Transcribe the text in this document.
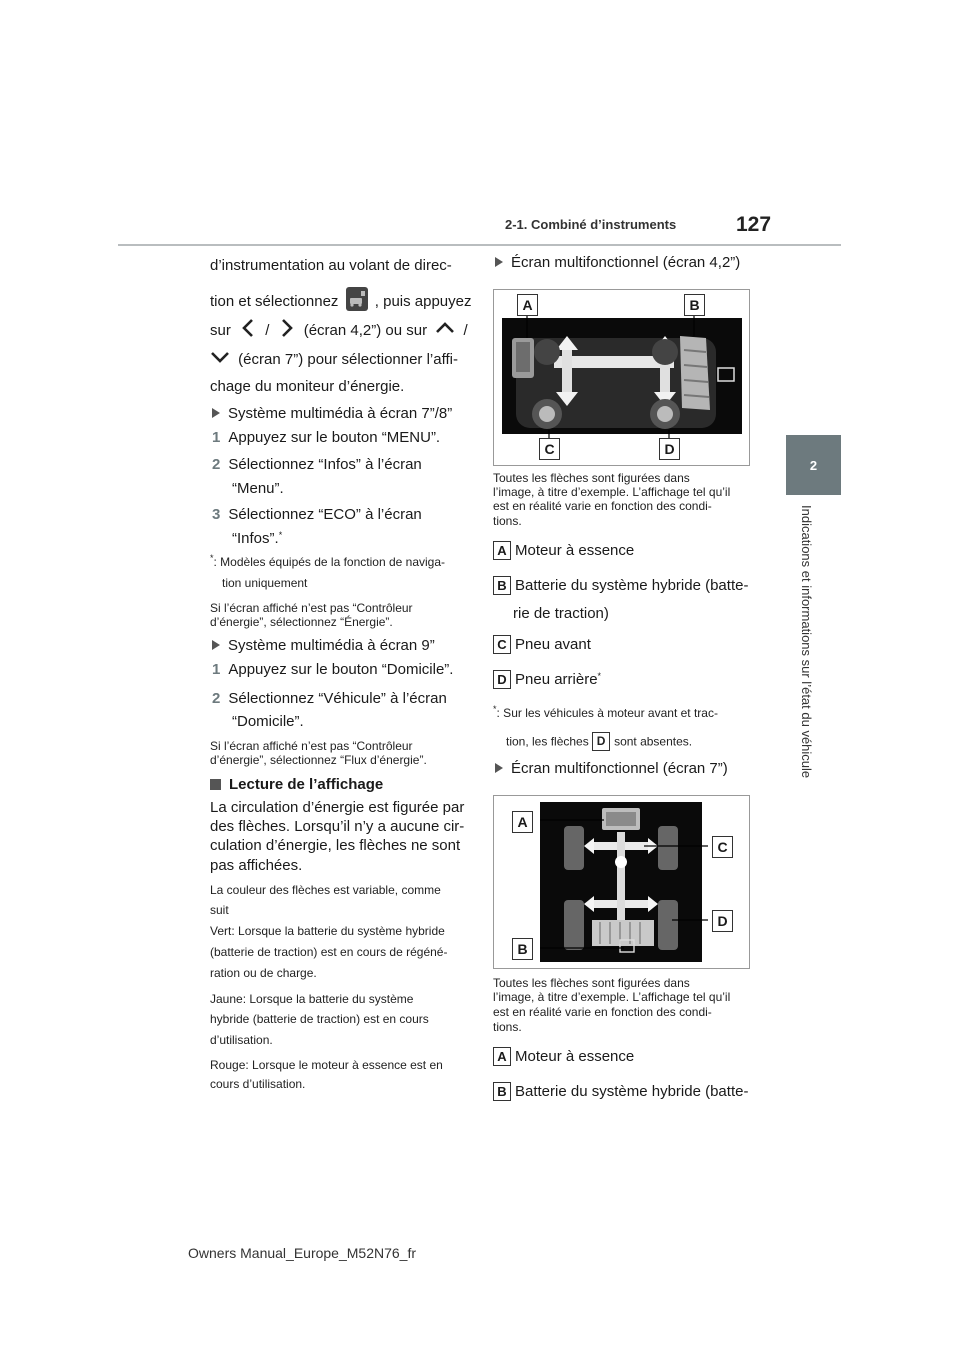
2-1. Combiné d’instruments	127
2
Indications et informations sur l’état du véhicule
d’instrumentation au volant de direc-
tion et sélectionnez , puis appuyez
sur / (écran 4,2”) ou sur /
(écran 7”) pour sélectionner l’affi-
chage du moniteur d’énergie.
Système multimédia à écran 7”/8”
1 Appuyez sur le bouton “MENU”.
2 Sélectionnez “Infos” à l’écran
“Menu”.
3 Sélectionnez “ECO” à l’écran
“Infos”.*
*: Modèles équipés de la fonction de naviga-
tion uniquement
Si l’écran affiché n’est pas “Contrôleur
d’énergie”, sélectionnez “Énergie”.
Système multimédia à écran 9”
1 Appuyez sur le bouton “Domicile”.
2 Sélectionnez “Véhicule” à l’écran
“Domicile”.
Si l’écran affiché n’est pas “Contrôleur
d’énergie”, sélectionnez “Flux d’énergie”.
Lecture de l’affichage
La circulation d’énergie est figurée par
des flèches. Lorsqu’il n’y a aucune cir-
culation d’énergie, les flèches ne sont
pas affichées.
La couleur des flèches est variable, comme
suit
Vert: Lorsque la batterie du système hybride
(batterie de traction) est en cours de régéné-
ration ou de charge.
Jaune: Lorsque la batterie du système
hybride (batterie de traction) est en cours
d’utilisation.
Rouge: Lorsque le moteur à essence est en
cours d’utilisation.
Écran multifonctionnel (écran 4,2”)
A	B
C	D
Toutes les flèches sont figurées dans
l’image, à titre d’exemple. L’affichage tel qu’il
est en réalité varie en fonction des condi-
tions.
A Moteur à essence
B Batterie du système hybride (batte-
rie de traction)
C Pneu avant
D Pneu arrière*
*: Sur les véhicules à moteur avant et trac-
tion, les flèches D sont absentes.
Écran multifonctionnel (écran 7”)
A
C
D
B
Toutes les flèches sont figurées dans
l’image, à titre d’exemple. L’affichage tel qu’il
est en réalité varie en fonction des condi-
tions.
A Moteur à essence
B Batterie du système hybride (batte-
Owners Manual_Europe_M52N76_fr
